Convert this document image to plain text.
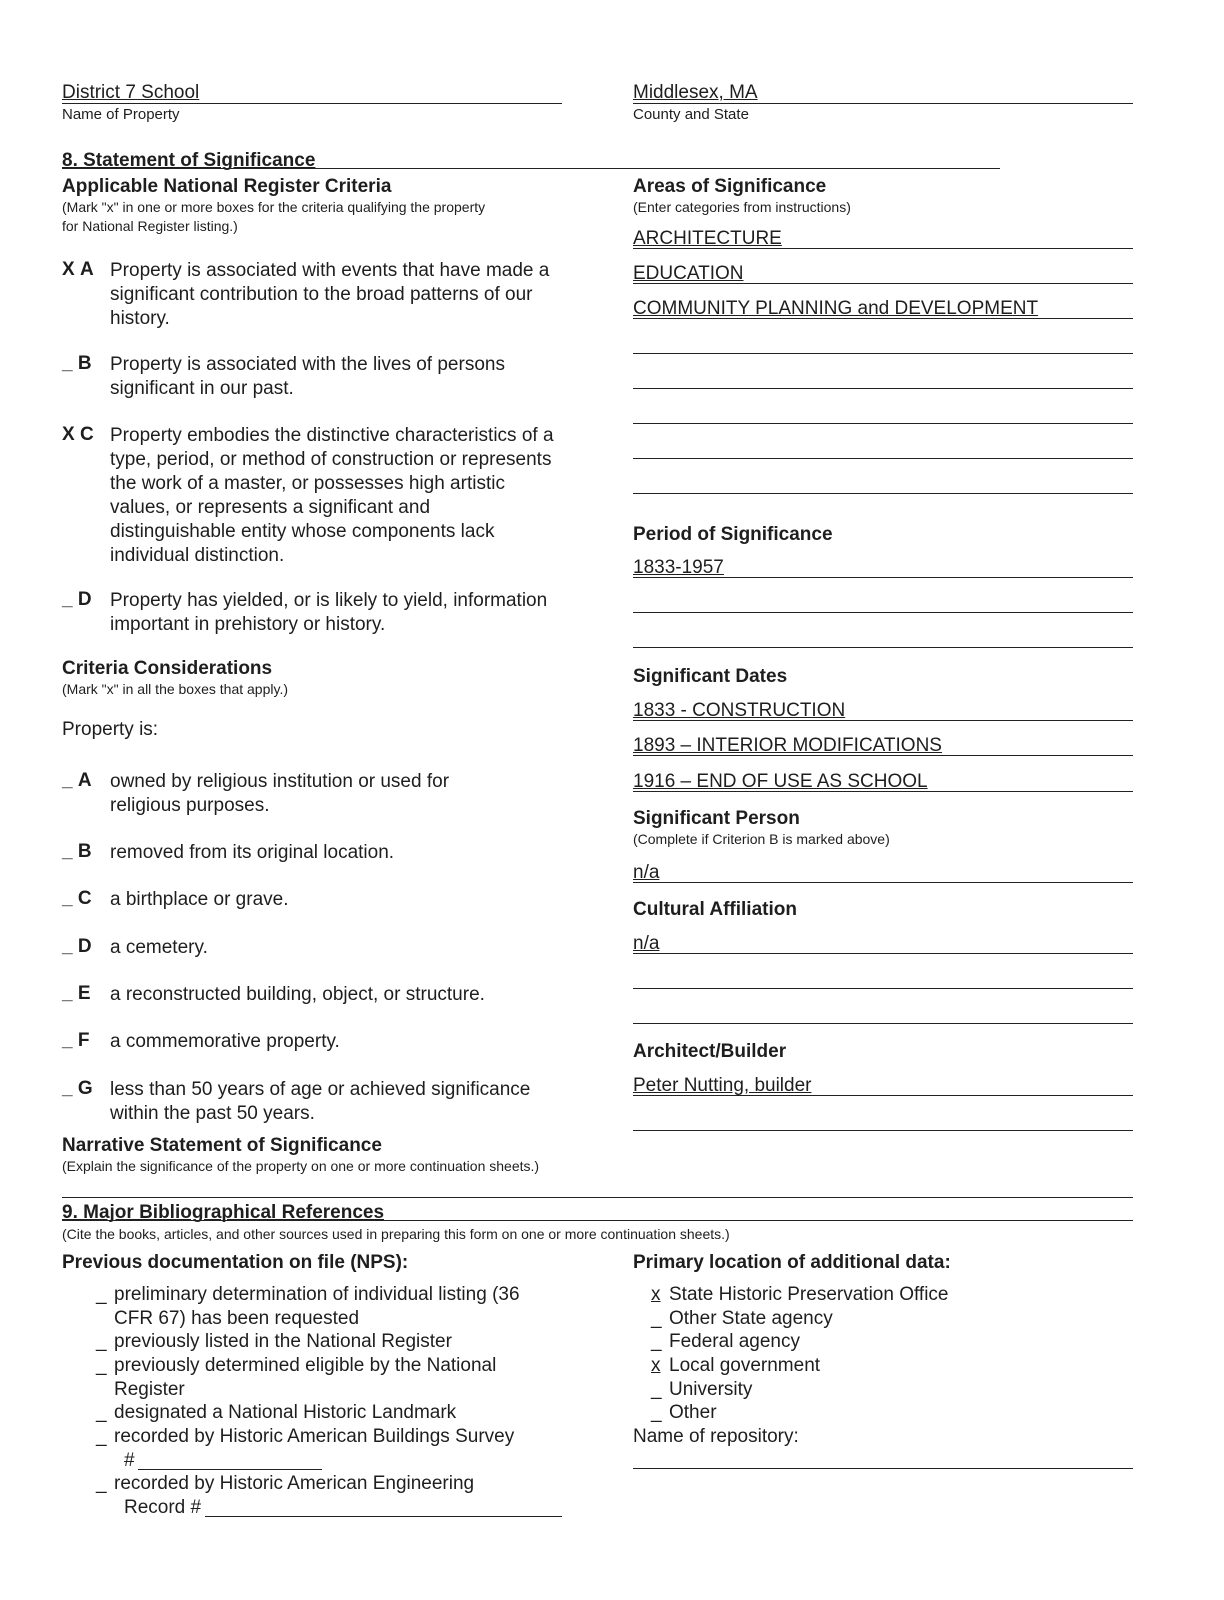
District 7 School
Name of Property
Middlesex, MA
County and State
8. Statement of Significance
Applicable National Register Criteria
(Mark "x" in one or more boxes for the criteria qualifying the property
for National Register listing.)
X A Property is associated with events that have made a significant contribution to the broad patterns of our history.
_ B Property is associated with the lives of persons significant in our past.
X C Property embodies the distinctive characteristics of a type, period, or method of construction or represents the work of a master, or possesses high artistic values, or represents a significant and distinguishable entity whose components lack individual distinction.
_ D Property has yielded, or is likely to yield, information important in prehistory or history.
Criteria Considerations
(Mark "x" in all the boxes that apply.)
Property is:
_ A owned by religious institution or used for religious purposes.
_ B removed from its original location.
_ C a birthplace or grave.
_ D a cemetery.
_ E a reconstructed building, object, or structure.
_ F a commemorative property.
_ G less than 50 years of age or achieved significance within the past 50 years.
Narrative Statement of Significance
(Explain the significance of the property on one or more continuation sheets.)
Areas of Significance
(Enter categories from instructions)
ARCHITECTURE
EDUCATION
COMMUNITY PLANNING and DEVELOPMENT
Period of Significance
1833-1957
Significant Dates
1833 - CONSTRUCTION
1893 – INTERIOR MODIFICATIONS
1916 – END OF USE AS SCHOOL
Significant Person
(Complete if Criterion B is marked above)
n/a
Cultural Affiliation
n/a
Architect/Builder
Peter Nutting, builder
9. Major Bibliographical References
(Cite the books, articles, and other sources used in preparing this form on one or more continuation sheets.)
Previous documentation on file (NPS):
_ preliminary determination of individual listing (36 CFR 67) has been requested
_ previously listed in the National Register
_ previously determined eligible by the National Register
_ designated a National Historic Landmark
_ recorded by Historic American Buildings Survey
#
_ recorded by Historic American Engineering
Record #
Primary location of additional data:
x State Historic Preservation Office
_ Other State agency
_ Federal agency
x Local government
_ University
_ Other
Name of repository:
